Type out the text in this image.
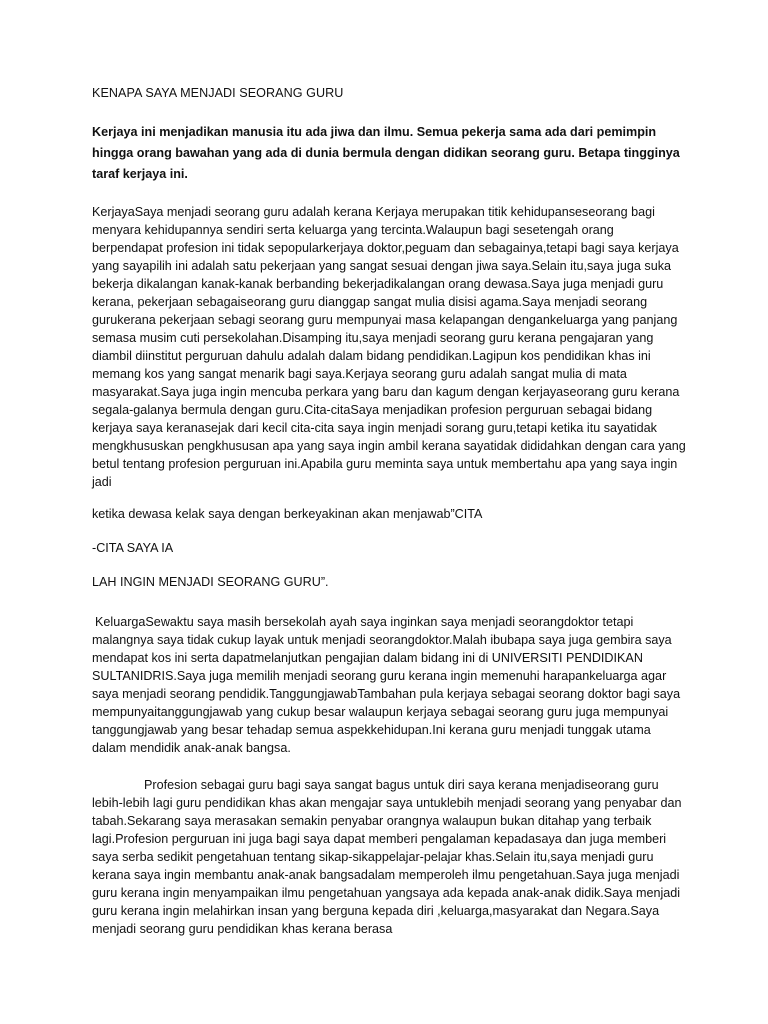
KENAPA SAYA MENJADI SEORANG GURU

Kerjaya ini menjadikan manusia itu ada jiwa dan ilmu. Semua pekerja sama ada dari pemimpin hingga orang bawahan yang ada di dunia bermula dengan didikan seorang guru. Betapa tingginya taraf kerjaya ini.

KerjayaSaya menjadi seorang guru adalah kerana Kerjaya merupakan titik kehidupanseseorang bagi menyara kehidupannya sendiri serta keluarga yang tercinta.Walaupun bagi sesetengah orang berpendapat profesion ini tidak sepopularkerjaya doktor,peguam dan sebagainya,tetapi bagi saya kerjaya yang sayapilih ini adalah satu pekerjaan yang sangat sesuai dengan jiwa saya.Selain itu,saya juga suka bekerja dikalangan kanak-kanak berbanding bekerjadikalangan orang dewasa.Saya juga menjadi guru kerana, pekerjaan sebagaiseorang guru dianggap sangat mulia disisi agama.Saya menjadi seorang gurukerana pekerjaan sebagi seorang guru mempunyai masa kelapangan dengankeluarga yang panjang semasa musim cuti persekolahan.Disamping itu,saya menjadi seorang guru kerana pengajaran yang diambil diinstitut perguruan dahulu adalah dalam bidang pendidikan.Lagipun kos pendidikan khas ini memang kos yang sangat menarik bagi saya.Kerjaya seorang guru adalah sangat mulia di mata masyarakat.Saya juga ingin mencuba perkara yang baru dan kagum dengan kerjayaseorang guru kerana segala-galanya bermula dengan guru.Cita-citaSaya menjadikan profesion perguruan sebagai bidang kerjaya saya keranasejak dari kecil cita-cita saya ingin menjadi sorang guru,tetapi ketika itu sayatidak mengkhususkan pengkhususan apa yang saya ingin ambil kerana sayatidak dididahkan dengan cara yang betul tentang profesion perguruan ini.Apabila guru meminta saya untuk membertahu apa yang saya ingin jadi

ketika dewasa kelak saya dengan berkeyakinan akan menjawab”CITA

-CITA SAYA IA

LAH INGIN MENJADI SEORANG GURU”.

KeluargaSewaktu saya masih bersekolah ayah saya inginkan saya menjadi seorangdoktor tetapi malangnya saya tidak cukup layak untuk menjadi seorangdoktor.Malah ibubapa saya juga gembira saya mendapat kos ini serta dapatmelanjutkan pengajian dalam bidang ini di UNIVERSITI PENDIDIKAN SULTANIDRIS.Saya juga memilih menjadi seorang guru kerana ingin memenuhi harapankeluarga agar saya menjadi seorang pendidik.TanggungjawabTambahan pula kerjaya sebagai seorang doktor bagi saya mempunyaitanggungjawab yang cukup besar walaupun kerjaya sebagai seorang guru juga mempunyai tanggungjawab yang besar tehadap semua aspekkehidupan.Ini kerana guru menjadi tunggak utama dalam mendidik anak-anak bangsa.

Profesion sebagai guru bagi saya sangat bagus untuk diri saya kerana menjadiseorang guru lebih-lebih lagi guru pendidikan khas akan mengajar saya untuklebih menjadi seorang yang penyabar dan tabah.Sekarang saya merasakan semakin penyabar orangnya walaupun bukan ditahap yang terbaik lagi.Profesion perguruan ini juga bagi saya dapat memberi pengalaman kepadasaya dan juga memberi saya serba sedikit pengetahuan tentang sikap-sikappelajar-pelajar khas.Selain itu,saya menjadi guru kerana saya ingin membantu anak-anak bangsadalam memperoleh ilmu pengetahuan.Saya juga menjadi guru kerana ingin menyampaikan ilmu pengetahuan yangsaya ada kepada anak-anak didik.Saya menjadi guru kerana ingin melahirkan insan yang berguna kepada diri ,keluarga,masyarakat dan Negara.Saya menjadi seorang guru pendidikan khas kerana berasa
